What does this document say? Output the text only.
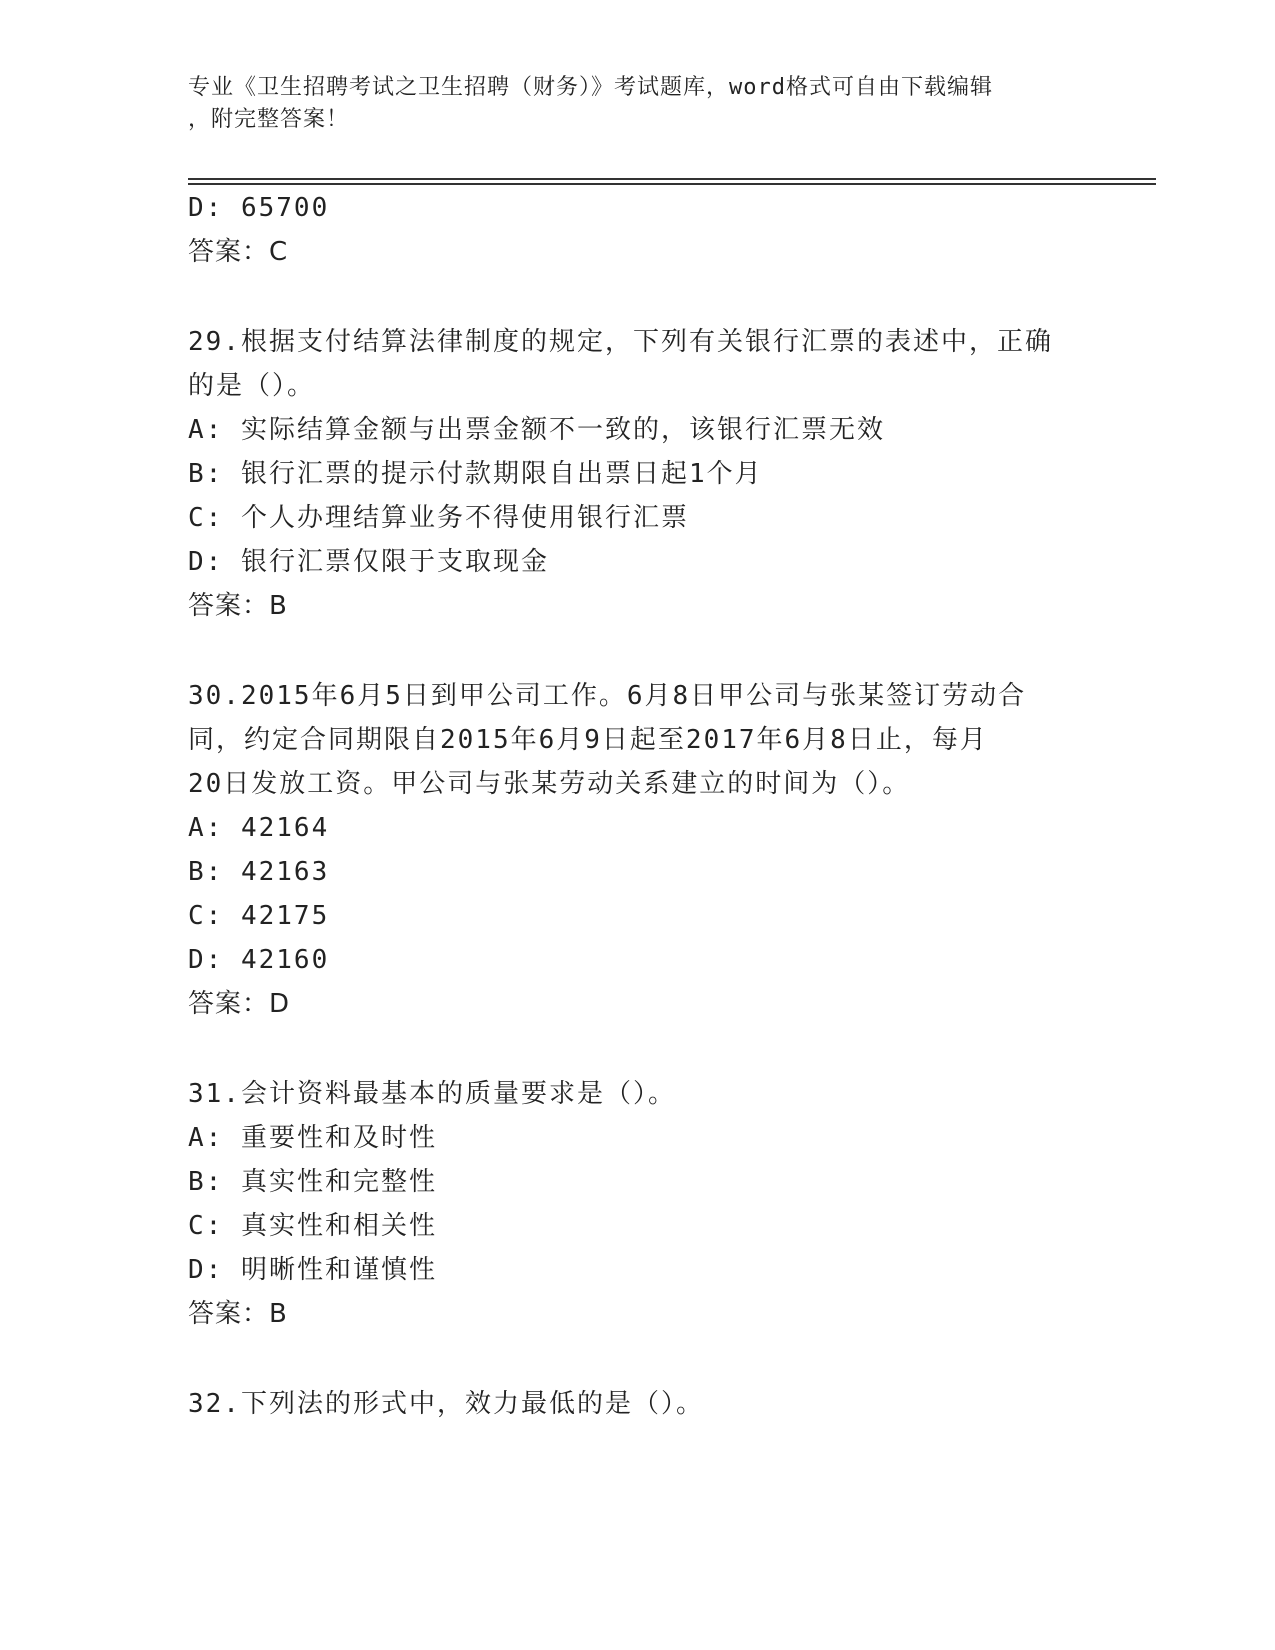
专业《卫生招聘考试之卫生招聘（财务）》考试题库，word格式可自由下载编辑
，附完整答案！
D: 65700
答案：C
29.根据支付结算法律制度的规定，下列有关银行汇票的表述中，正确
的是（）。
A: 实际结算金额与出票金额不一致的，该银行汇票无效
B: 银行汇票的提示付款期限自出票日起1个月
C: 个人办理结算业务不得使用银行汇票
D: 银行汇票仅限于支取现金
答案：B
30.2015年6月5日到甲公司工作。6月8日甲公司与张某签订劳动合
同，约定合同期限自2015年6月9日起至2017年6月8日止，每月
20日发放工资。甲公司与张某劳动关系建立的时间为（）。
A: 42164
B: 42163
C: 42175
D: 42160
答案：D
31.会计资料最基本的质量要求是（）。
A: 重要性和及时性
B: 真实性和完整性
C: 真实性和相关性
D: 明晰性和谨慎性
答案：B
32.下列法的形式中，效力最低的是（）。
